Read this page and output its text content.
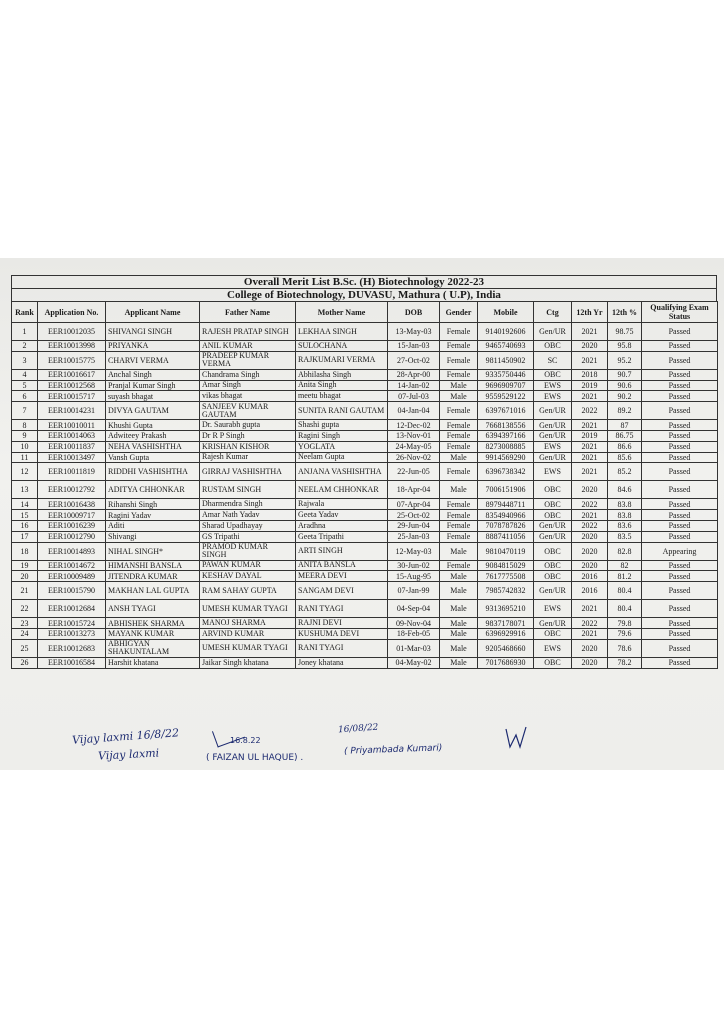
Overall Merit List B.Sc. (H) Biotechnology 2022-23
College of Biotechnology, DUVASU, Mathura ( U.P), India
Rank	Application No.	Applicant Name	Father Name	Mother Name	DOB	Gender	Mobile	Ctg	12th Yr	12th %	Qualifying Exam Status
1	EER10012035	SHIVANGI SINGH	RAJESH PRATAP SINGH	LEKHAA SINGH	13-May-03	Female	9140192606	Gen/UR	2021	98.75	Passed
2	EER10013998	PRIYANKA	ANIL KUMAR	SULOCHANA	15-Jan-03	Female	9465740693	OBC	2020	95.8	Passed
3	EER10015775	CHARVI VERMA	PRADEEP KUMAR VERMA	RAJKUMARI VERMA	27-Oct-02	Female	9811450902	SC	2021	95.2	Passed
4	EER10016617	Anchal Singh	Chandrama Singh	Abhilasha Singh	28-Apr-00	Female	9335750446	OBC	2018	90.7	Passed
5	EER10012568	Pranjal Kumar Singh	Amar Singh	Anita Singh	14-Jan-02	Male	9696909707	EWS	2019	90.6	Passed
6	EER10015717	suyash bhagat	vikas bhagat	meetu bhagat	07-Jul-03	Male	9559529122	EWS	2021	90.2	Passed
7	EER10014231	DIVYA GAUTAM	SANJEEV KUMAR GAUTAM	SUNITA RANI GAUTAM	04-Jan-04	Female	6397671016	Gen/UR	2022	89.2	Passed
8	EER10010011	Khushi Gupta	Dr. Saurabh gupta	Shashi gupta	12-Dec-02	Female	7668138556	Gen/UR	2021	87	Passed
9	EER10014063	Adwiteey Prakash	Dr R P Singh	Ragini Singh	13-Nov-01	Female	6394397166	Gen/UR	2019	86.75	Passed
10	EER10011837	NEHA VASHISHTHA	KRISHAN KISHOR	YOGLATA	24-May-05	Female	8273008885	EWS	2021	86.6	Passed
11	EER10013497	Vansh Gupta	Rajesh Kumar	Neelam Gupta	26-Nov-02	Male	9914569290	Gen/UR	2021	85.6	Passed
12	EER10011819	RIDDHI VASHISHTHA	GIRRAJ VASHISHTHA	ANJANA VASHISHTHA	22-Jun-05	Female	6396738342	EWS	2021	85.2	Passed
13	EER10012792	ADITYA CHHONKAR	RUSTAM SINGH	NEELAM CHHONKAR	18-Apr-04	Male	7006151906	OBC	2020	84.6	Passed
14	EER10016438	Rihanshi Singh	Dharmendra Singh	Rajwala	07-Apr-04	Female	8979448711	OBC	2022	83.8	Passed
15	EER10009717	Ragini Yadav	Amar Nath Yadav	Geeta Yadav	25-Oct-02	Female	8354940966	OBC	2021	83.8	Passed
16	EER10016239	Aditi	Sharad Upadhayay	Aradhna	29-Jun-04	Female	7078787826	Gen/UR	2022	83.6	Passed
17	EER10012790	Shivangi	GS Tripathi	Geeta Tripathi	25-Jan-03	Female	8887411056	Gen/UR	2020	83.5	Passed
18	EER10014893	NIHAL SINGH*	PRAMOD KUMAR SINGH	ARTI SINGH	12-May-03	Male	9810470119	OBC	2020	82.8	Appearing
19	EER10014672	HIMANSHI BANSLA	PAWAN KUMAR	ANITA BANSLA	30-Jun-02	Female	9084815029	OBC	2020	82	Passed
20	EER10009489	JITENDRA KUMAR	KESHAV DAYAL	MEERA DEVI	15-Aug-95	Male	7617775508	OBC	2016	81.2	Passed
21	EER10015790	MAKHAN LAL GUPTA	RAM SAHAY GUPTA	SANGAM DEVI	07-Jan-99	Male	7985742832	Gen/UR	2016	80.4	Passed
22	EER10012684	ANSH TYAGI	UMESH KUMAR TYAGI	RANI TYAGI	04-Sep-04	Male	9313695210	EWS	2021	80.4	Passed
23	EER10015724	ABHISHEK SHARMA	MANOJ SHARMA	RAJNI DEVI	09-Nov-04	Male	9837178071	Gen/UR	2022	79.8	Passed
24	EER10013273	MAYANK KUMAR	ARVIND KUMAR	KUSHUMA DEVI	18-Feb-05	Male	6396929916	OBC	2021	79.6	Passed
25	EER10012683	ABHIGYAN SHAKUNTALAM	UMESH KUMAR TYAGI	RANI TYAGI	01-Mar-03	Male	9205468660	EWS	2020	78.6	Passed
26	EER10016584	Harshit khatana	Jaikar Singh khatana	Joney khatana	04-May-02	Male	7017686930	OBC	2020	78.2	Passed
Vijay laxmi 16/8/22
Vijay laxmi
16.8.22
( FAIZAN UL HAQUE) .
16/08/22
( Priyambada Kumari)
